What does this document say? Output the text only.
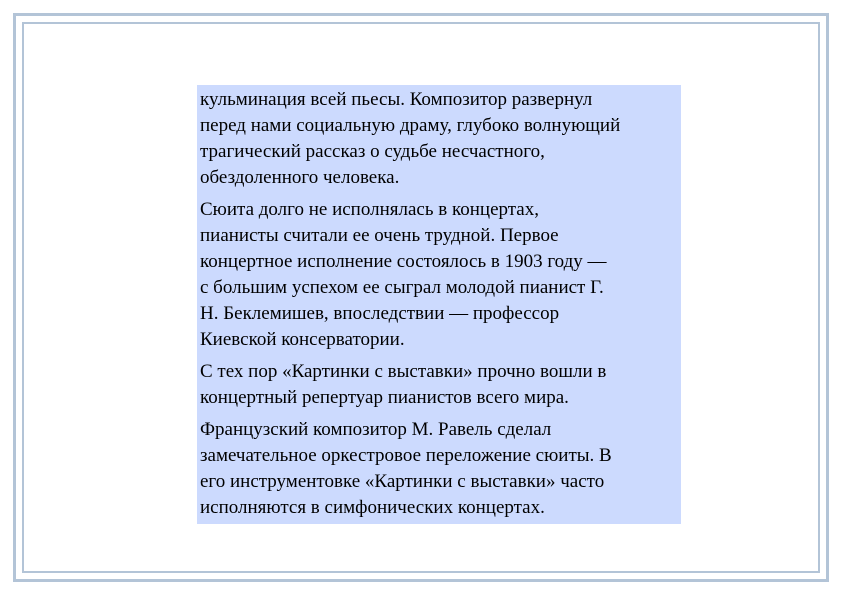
кульминация всей пьесы. Композитор развернул
перед нами социальную драму, глубоко волнующий
трагический рассказ о судьбе несчастного,
обездоленного человека.

Сюита долго не исполнялась в концертах,
пианисты считали ее очень трудной. Первое
концертное исполнение состоялось в 1903 году —
с большим успехом ее сыграл молодой пианист Г.
Н. Беклемишев, впоследствии — профессор
Киевской консерватории.

С тех пор «Картинки с выставки» прочно вошли в
концертный репертуар пианистов всего мира.

Французский композитор М. Равель сделал
замечательное оркестровое переложение сюиты. В
его инструментовке «Картинки с выставки» часто
исполняются в симфонических концертах.
